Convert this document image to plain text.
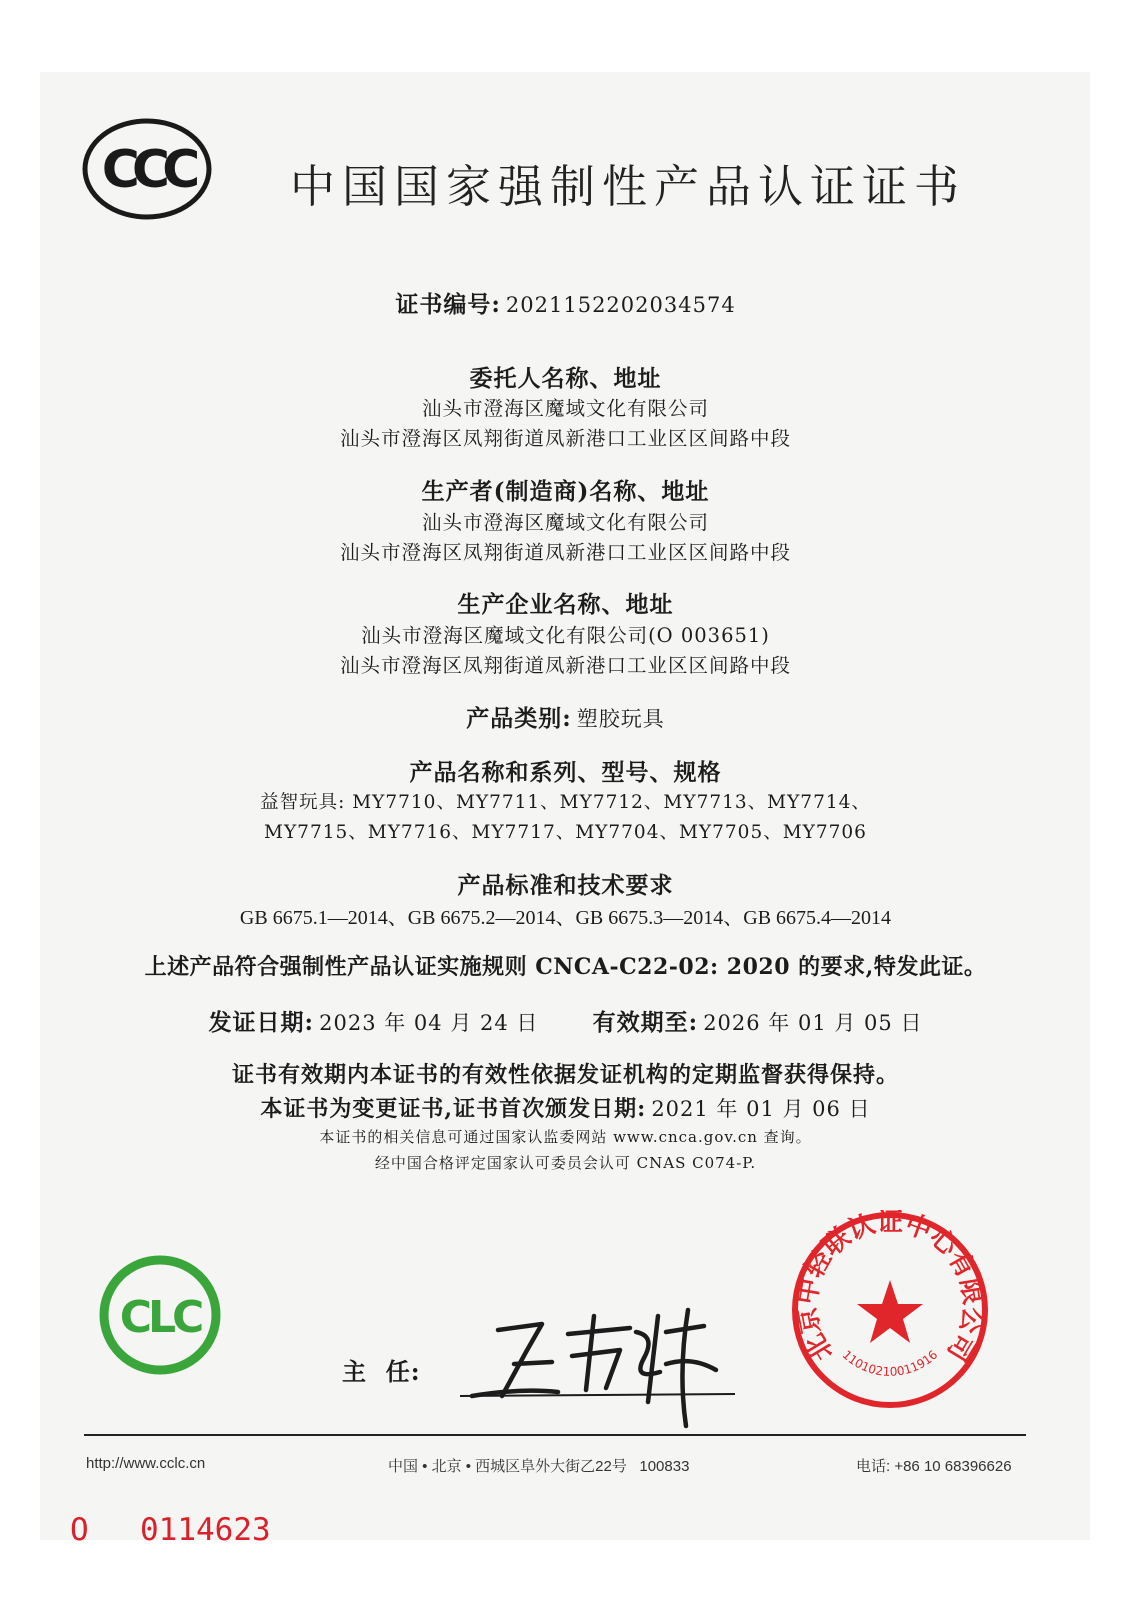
CCC 中国国家强制性产品认证证书
证书编号: 2021152202034574
委托人名称、地址
汕头市澄海区魔域文化有限公司
汕头市澄海区凤翔街道凤新港口工业区区间路中段
生产者(制造商)名称、地址
汕头市澄海区魔域文化有限公司
汕头市澄海区凤翔街道凤新港口工业区区间路中段
生产企业名称、地址
汕头市澄海区魔域文化有限公司(O 003651)
汕头市澄海区凤翔街道凤新港口工业区区间路中段
产品类别: 塑胶玩具
产品名称和系列、型号、规格
益智玩具: MY7710、MY7711、MY7712、MY7713、MY7714、
MY7715、MY7716、MY7717、MY7704、MY7705、MY7706
产品标准和技术要求
GB 6675.1—2014、GB 6675.2—2014、GB 6675.3—2014、GB 6675.4—2014
上述产品符合强制性产品认证实施规则 CNCA-C22-02: 2020 的要求,特发此证。
发证日期: 2023 年 04 月 24 日 有效期至: 2026 年 01 月 05 日
证书有效期内本证书的有效性依据发证机构的定期监督获得保持。
本证书为变更证书,证书首次颁发日期: 2021 年 01 月 06 日
本证书的相关信息可通过国家认监委网站 www.cnca.gov.cn 查询。
经中国合格评定国家认可委员会认可 CNAS C074-P.
CLC
主  任:
北京中轻联认证中心有限公司
11010210011916
http://www.cclc.cn	中国 • 北京 • 西城区阜外大街乙22号   100833	电话: +86 10 68396626
O 0114623
